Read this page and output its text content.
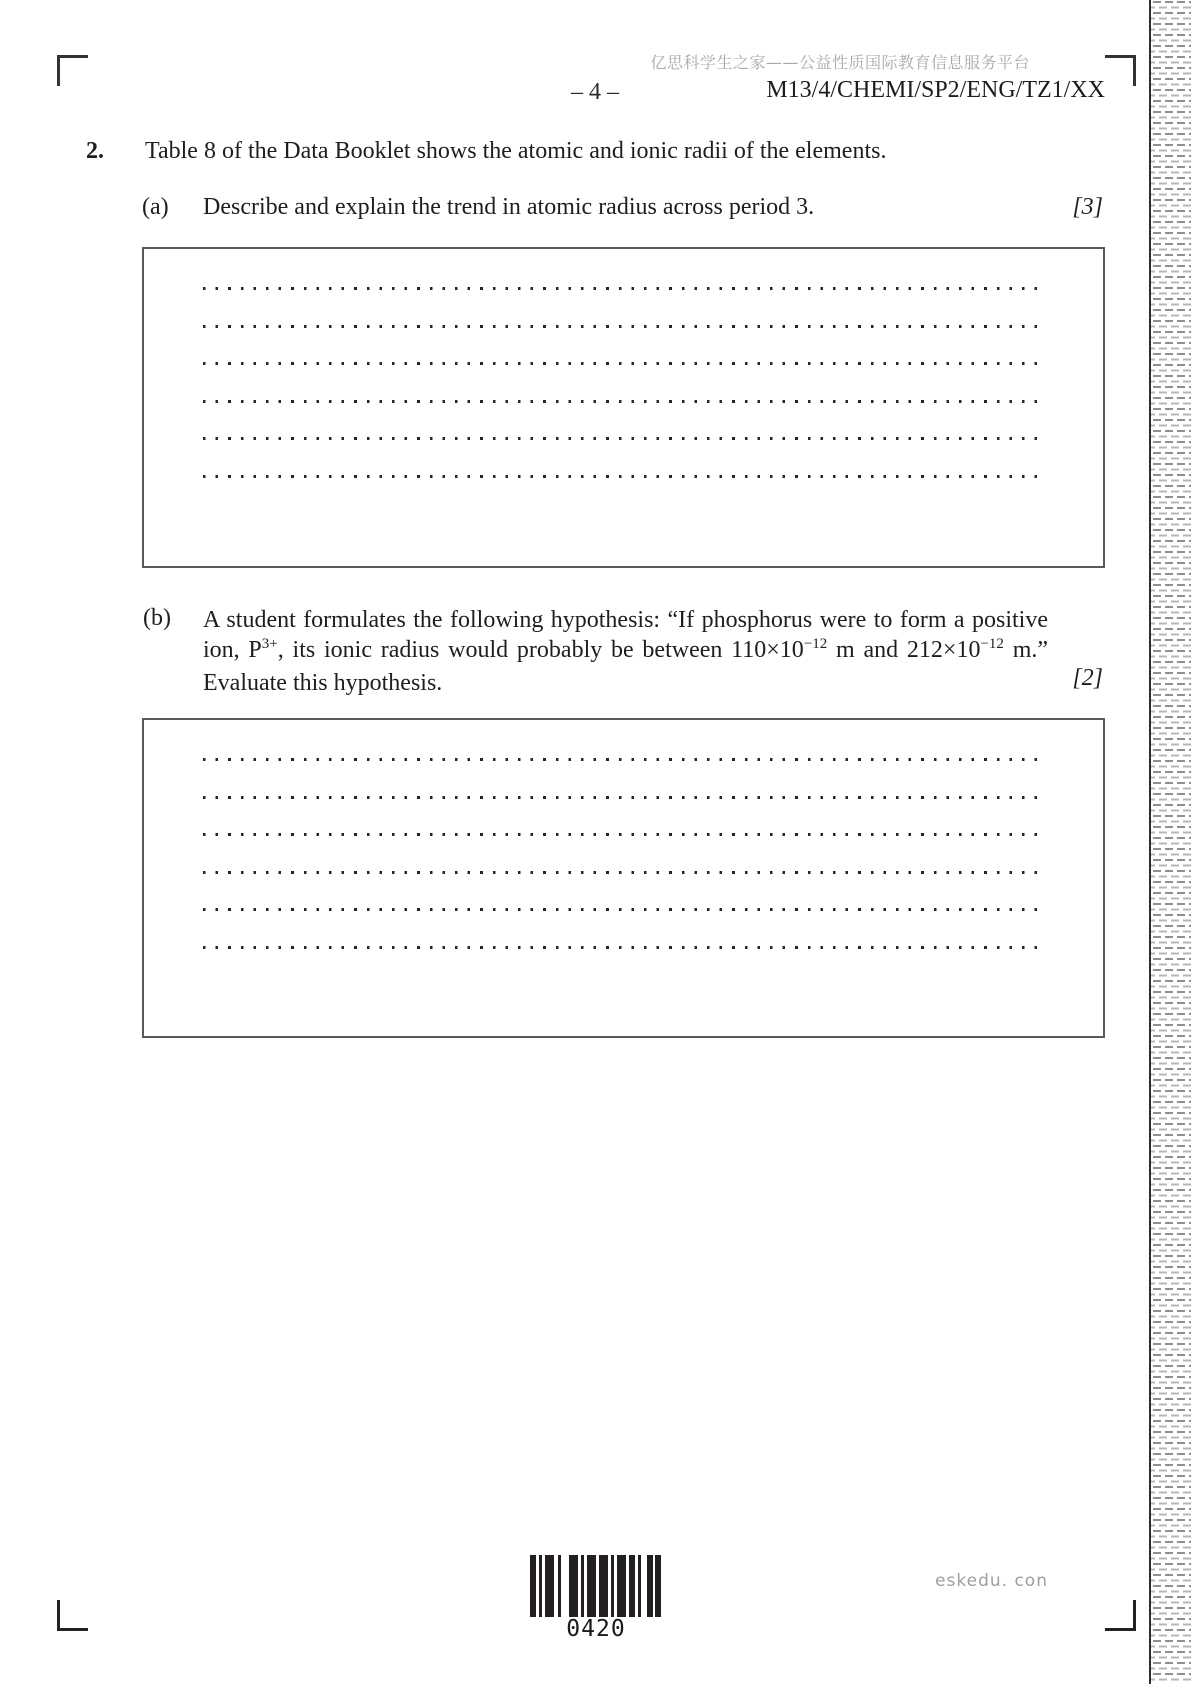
亿思科学生之家——公益性质国际教育信息服务平台
– 4 –	M13/4/CHEMI/SP2/ENG/TZ1/XX
2. Table 8 of the Data Booklet shows the atomic and ionic radii of the elements.
(a) Describe and explain the trend in atomic radius across period 3.	[3]
(b) A student formulates the following hypothesis: “If phosphorus were to form a positive
ion, $P^{3+}$, its ionic radius would probably be between $110\times 10^{-12}$ m and $212\times 10^{-12}$ m.”
Evaluate this hypothesis.	[2]
0420
eskedu. con
